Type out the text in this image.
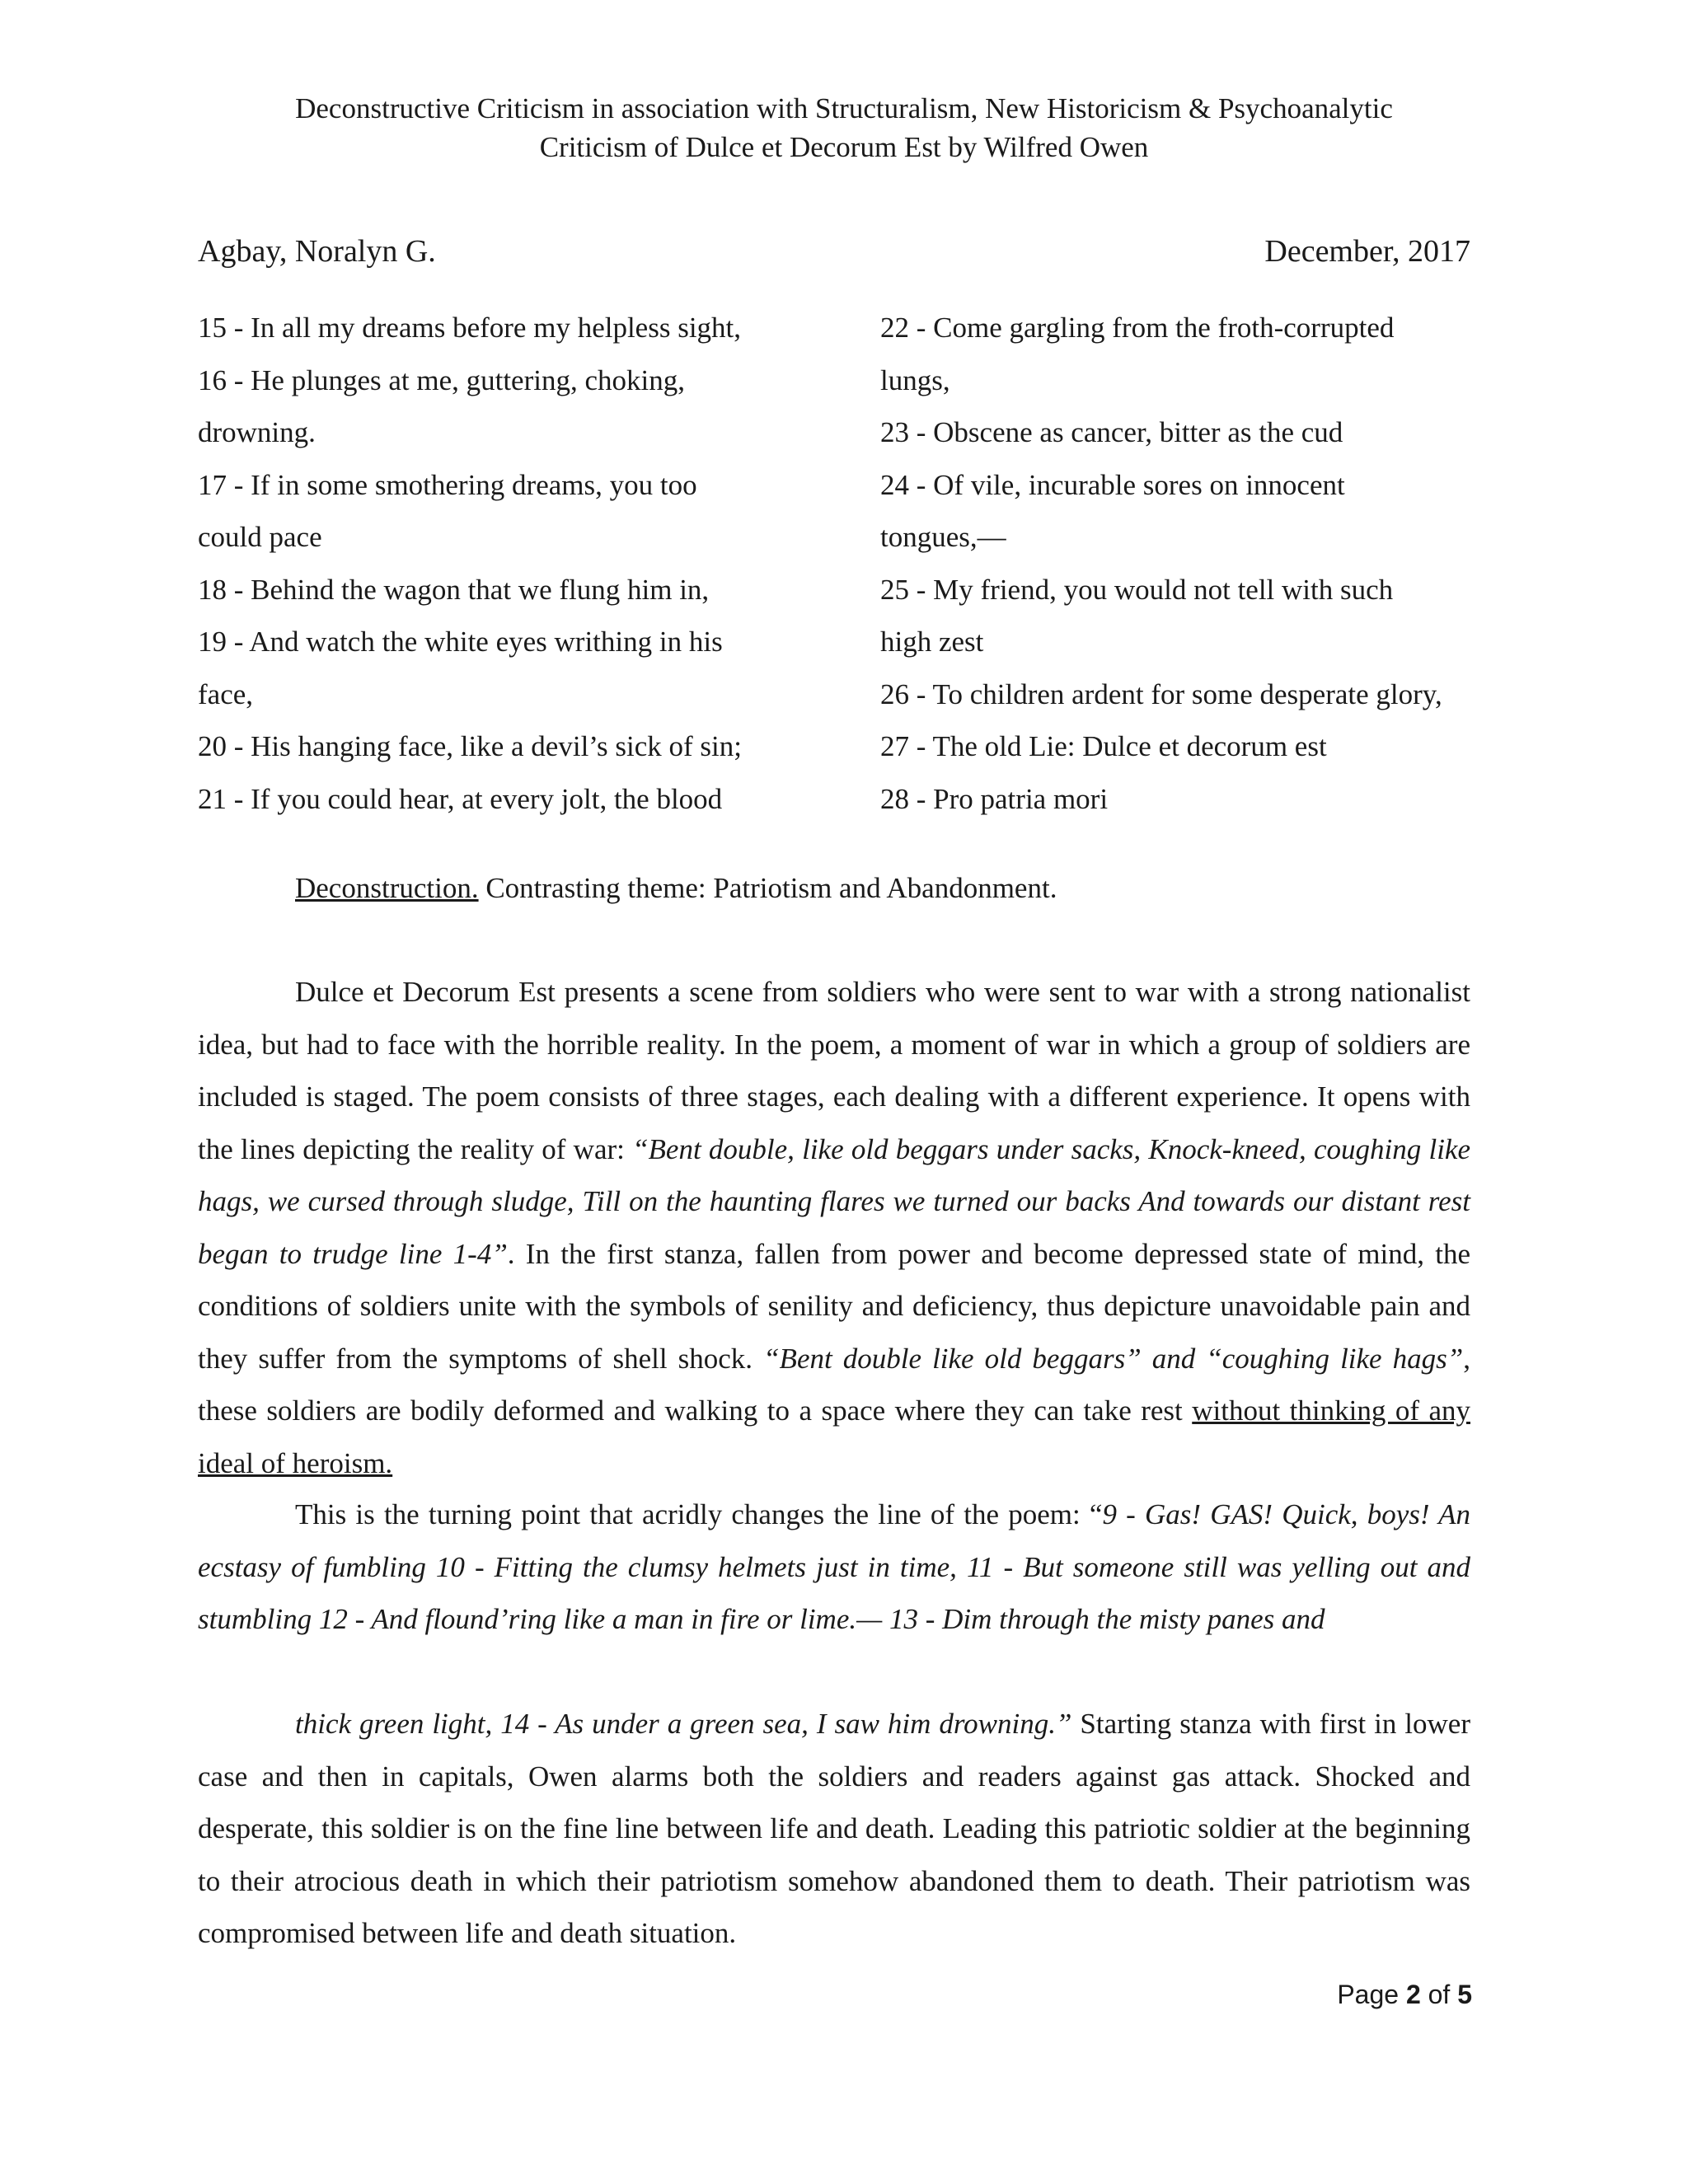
Deconstructive Criticism in association with Structuralism, New Historicism & Psychoanalytic
Criticism of Dulce et Decorum Est by Wilfred Owen
Agbay, Noralyn G.	December, 2017
15 - In all my dreams before my helpless sight,
16 - He plunges at me, guttering, choking,
drowning.
17 - If in some smothering dreams, you too
could pace
18 - Behind the wagon that we flung him in,
19 - And watch the white eyes writhing in his
face,
20 - His hanging face, like a devil’s sick of sin;
21 - If you could hear, at every jolt, the blood
22 - Come gargling from the froth-corrupted
lungs,
23 - Obscene as cancer, bitter as the cud
24 - Of vile, incurable sores on innocent
tongues,—
25 - My friend, you would not tell with such
high zest
26 - To children ardent for some desperate glory,
27 - The old Lie: Dulce et decorum est
28 - Pro patria mori
Deconstruction. Contrasting theme: Patriotism and Abandonment.
Dulce et Decorum Est presents a scene from soldiers who were sent to war with a strong nationalist idea, but had to face with the horrible reality. In the poem, a moment of war in which a group of soldiers are included is staged. The poem consists of three stages, each dealing with a different experience. It opens with the lines depicting the reality of war: “Bent double, like old beggars under sacks, Knock-kneed, coughing like hags, we cursed through sludge, Till on the haunting flares we turned our backs And towards our distant rest began to trudge line 1-4”. In the first stanza, fallen from power and become depressed state of mind, the conditions of soldiers unite with the symbols of senility and deficiency, thus depicture unavoidable pain and they suffer from the symptoms of shell shock. “Bent double like old beggars” and “coughing like hags”, these soldiers are bodily deformed and walking to a space where they can take rest without thinking of any ideal of heroism.
This is the turning point that acridly changes the line of the poem: “9 - Gas! GAS! Quick, boys! An ecstasy of fumbling 10 - Fitting the clumsy helmets just in time, 11 - But someone still was yelling out and stumbling 12 - And flound’ring like a man in fire or lime.— 13 - Dim through the misty panes and
thick green light, 14 - As under a green sea, I saw him drowning.” Starting stanza with first in lower case and then in capitals, Owen alarms both the soldiers and readers against gas attack. Shocked and desperate, this soldier is on the fine line between life and death. Leading this patriotic soldier at the beginning to their atrocious death in which their patriotism somehow abandoned them to death. Their patriotism was compromised between life and death situation.
Page 2 of 5
